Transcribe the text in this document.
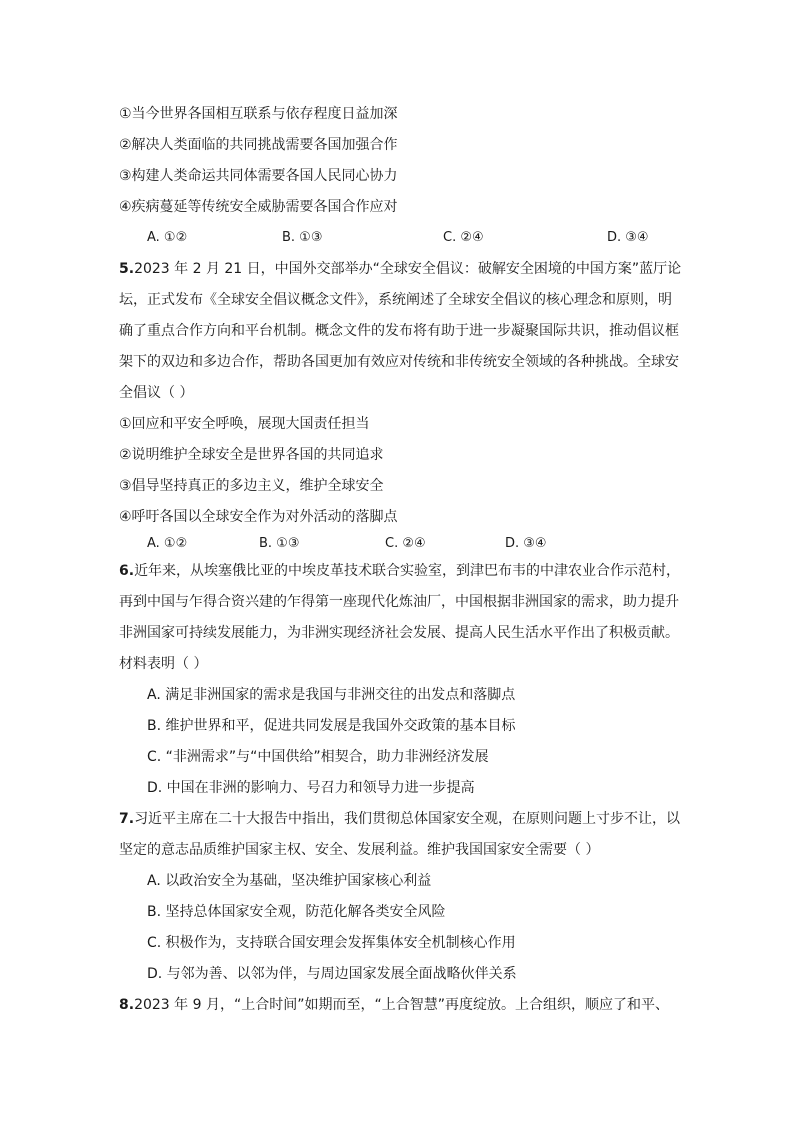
①当今世界各国相互联系与依存程度日益加深
②解决人类面临的共同挑战需要各国加强合作
③构建人类命运共同体需要各国人民同心协力
④疾病蔓延等传统安全威胁需要各国合作应对
A. ①②	B. ①③	C. ②④	D. ③④
5.2023 年 2 月 21 日，中国外交部举办“全球安全倡议：破解安全困境的中国方案”蓝厅论
坛，正式发布《全球安全倡议概念文件》，系统阐述了全球安全倡议的核心理念和原则，明
确了重点合作方向和平台机制。概念文件的发布将有助于进一步凝聚国际共识，推动倡议框
架下的双边和多边合作，帮助各国更加有效应对传统和非传统安全领域的各种挑战。全球安
全倡议（ ）
①回应和平安全呼唤，展现大国责任担当
②说明维护全球安全是世界各国的共同追求
③倡导坚持真正的多边主义，维护全球安全
④呼吁各国以全球安全作为对外活动的落脚点
A. ①②	B. ①③	C. ②④	D. ③④
6.近年来，从埃塞俄比亚的中埃皮革技术联合实验室，到津巴布韦的中津农业合作示范村，
再到中国与乍得合资兴建的乍得第一座现代化炼油厂，中国根据非洲国家的需求，助力提升
非洲国家可持续发展能力，为非洲实现经济社会发展、提高人民生活水平作出了积极贡献。
材料表明（ ）
A. 满足非洲国家的需求是我国与非洲交往的出发点和落脚点
B. 维护世界和平，促进共同发展是我国外交政策的基本目标
C. “非洲需求”与“中国供给”相契合，助力非洲经济发展
D. 中国在非洲的影响力、号召力和领导力进一步提高
7.习近平主席在二十大报告中指出，我们贯彻总体国家安全观，在原则问题上寸步不让，以
坚定的意志品质维护国家主权、安全、发展利益。维护我国国家安全需要（ ）
A. 以政治安全为基础，坚决维护国家核心利益
B. 坚持总体国家安全观，防范化解各类安全风险
C. 积极作为，支持联合国安理会发挥集体安全机制核心作用
D. 与邻为善、以邻为伴，与周边国家发展全面战略伙伴关系
8.2023 年 9 月，“上合时间”如期而至，“上合智慧”再度绽放。上合组织，顺应了和平、
